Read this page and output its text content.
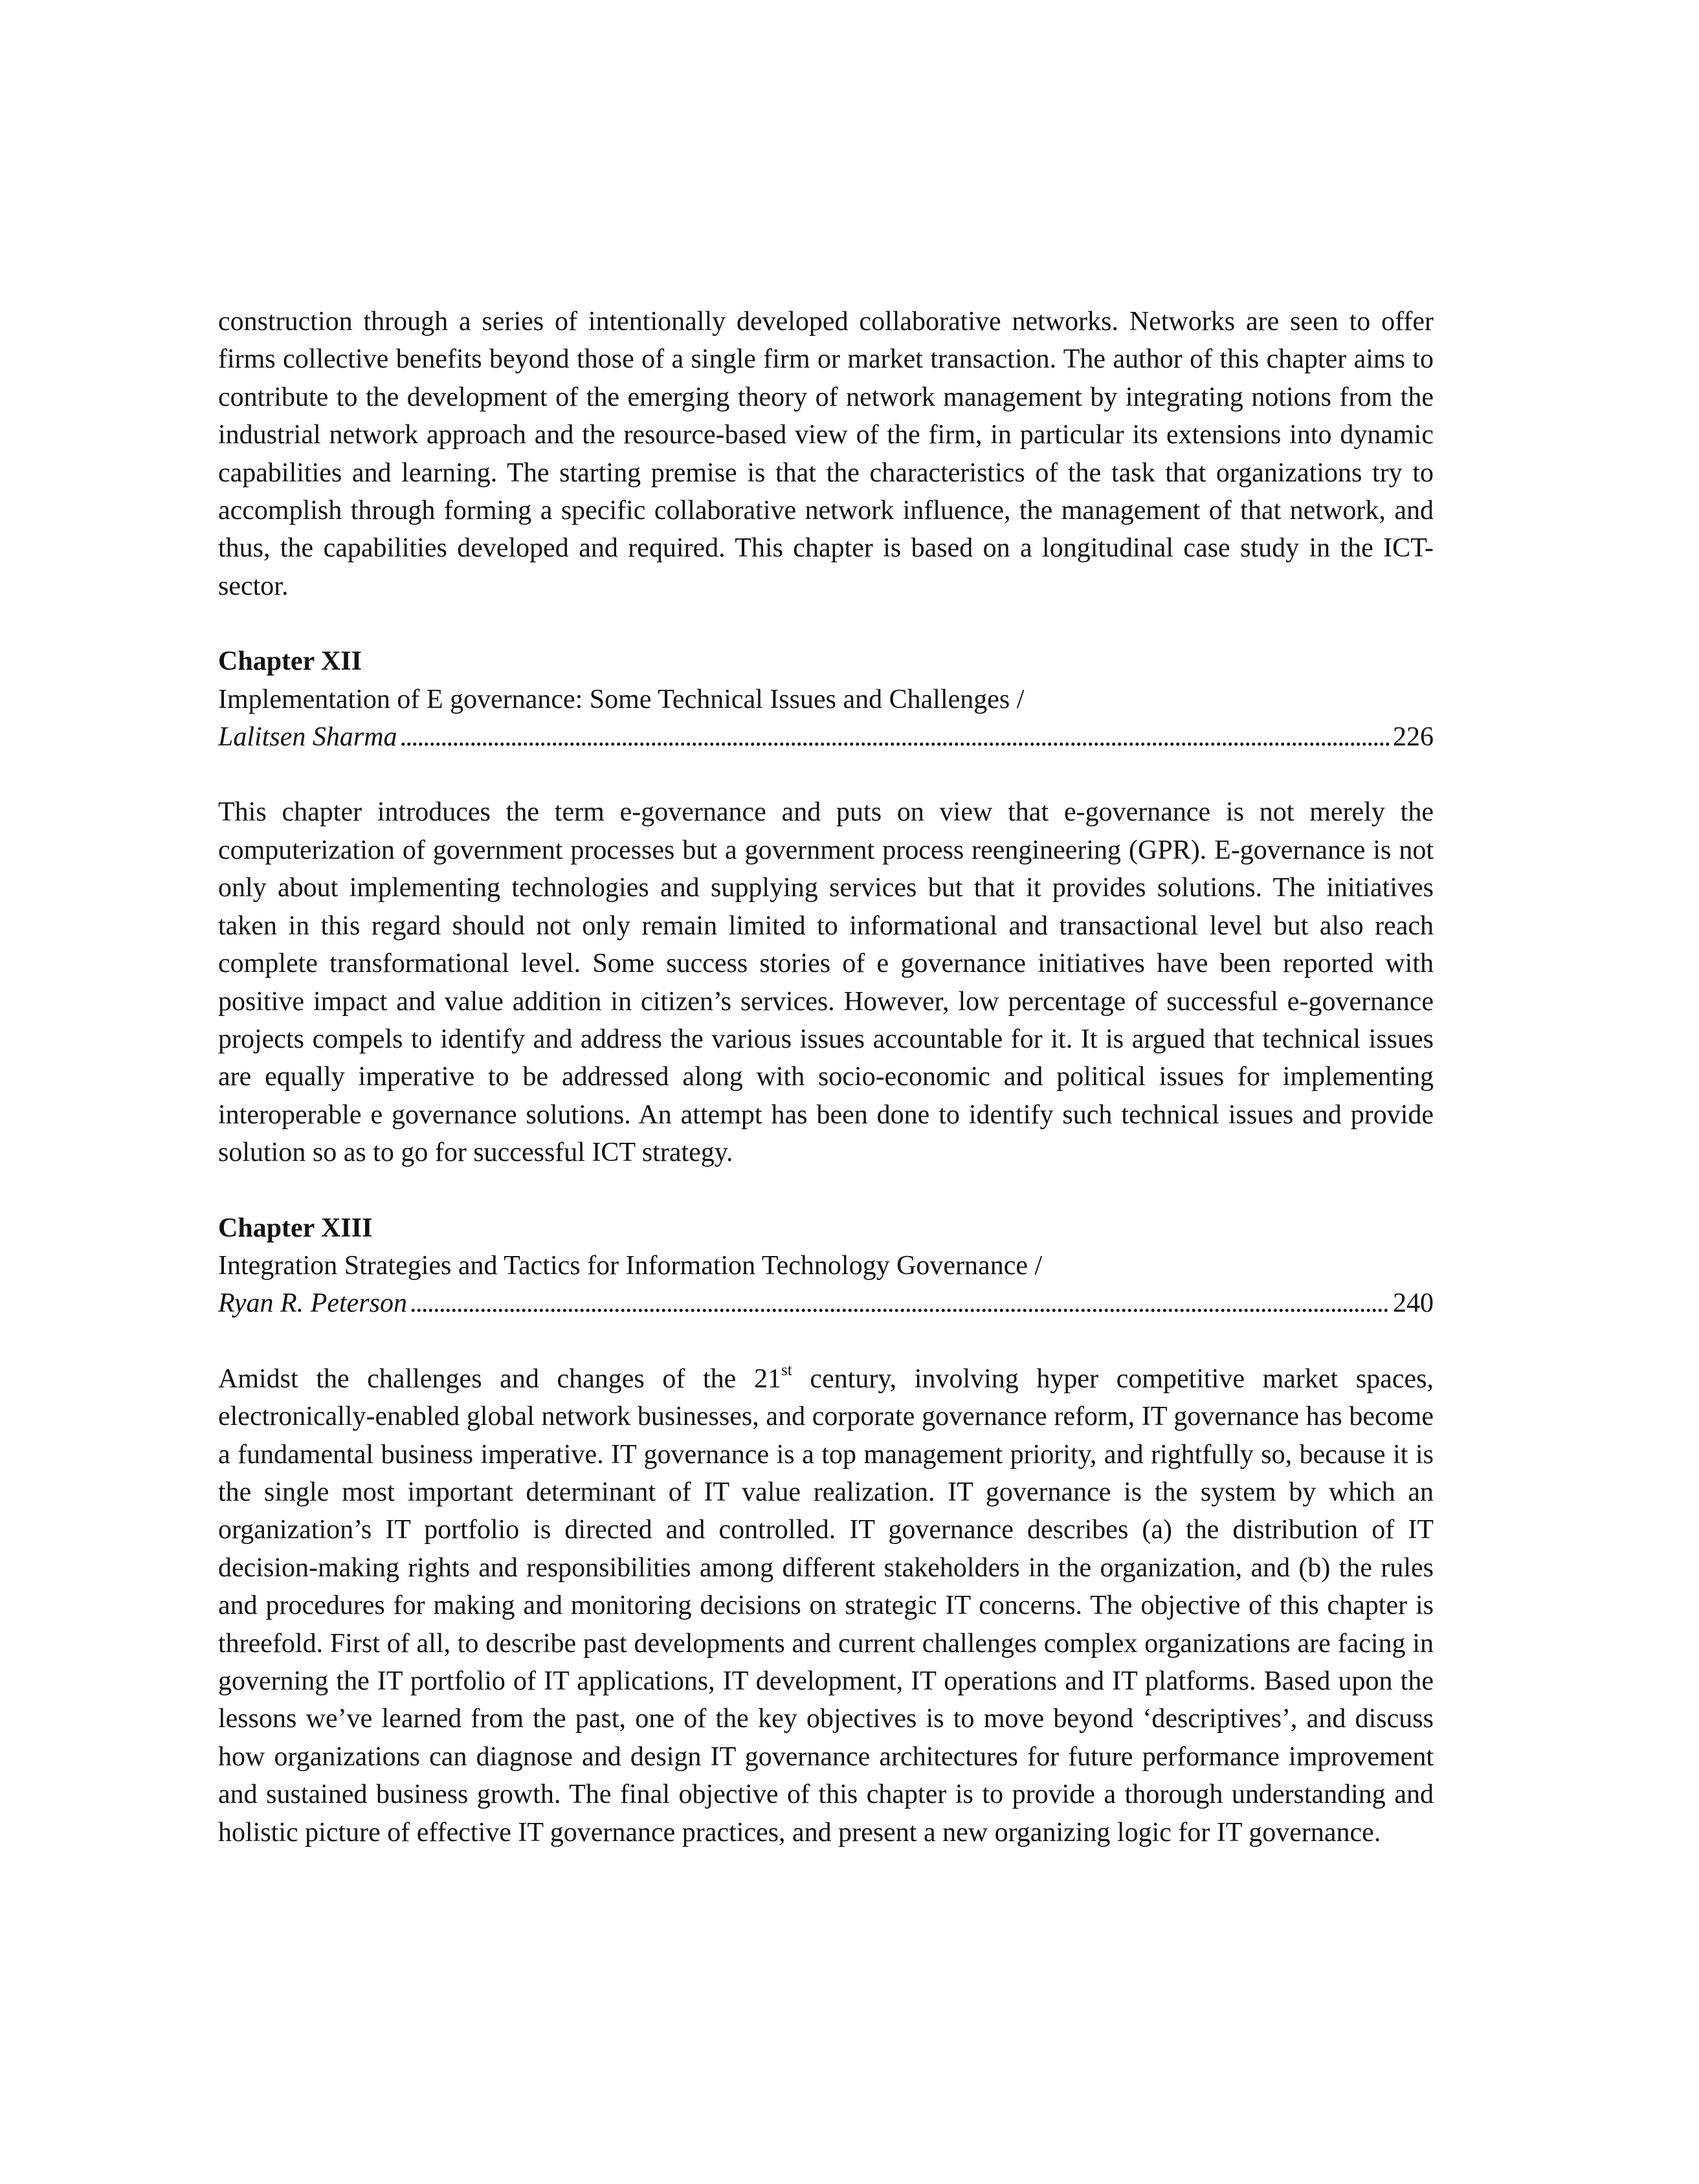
construction through a series of intentionally developed collaborative networks. Networks are seen to offer firms collective benefits beyond those of a single firm or market transaction. The author of this chapter aims to contribute to the development of the emerging theory of network management by integrating notions from the industrial network approach and the resource-based view of the firm, in particular its extensions into dynamic capabilities and learning. The starting premise is that the characteristics of the task that organizations try to accomplish through forming a specific collaborative network influence, the management of that network, and thus, the capabilities developed and required. This chapter is based on a longitudinal case study in the ICT-sector.

Chapter XII

Implementation of E governance: Some Technical Issues and Challenges /

Lalitsen Sharma . . .	226

This chapter introduces the term e-governance and puts on view that e-governance is not merely the computerization of government processes but a government process reengineering (GPR). E-governance is not only about implementing technologies and supplying services but that it provides solutions. The initiatives taken in this regard should not only remain limited to informational and transactional level but also reach complete transformational level. Some success stories of e governance initiatives have been reported with positive impact and value addition in citizen’s services. However, low percentage of successful e-governance projects compels to identify and address the various issues accountable for it. It is argued that technical issues are equally imperative to be addressed along with socio-economic and political issues for implementing interoperable e governance solutions. An attempt has been done to identify such technical issues and provide solution so as to go for successful ICT strategy.

Chapter XIII

Integration Strategies and Tactics for Information Technology Governance /

Ryan R. Peterson . . .	240

Amidst the challenges and changes of the 21st century, involving hyper competitive market spaces, electronically-enabled global network businesses, and corporate governance reform, IT governance has become a fundamental business imperative. IT governance is a top management priority, and rightfully so, because it is the single most important determinant of IT value realization. IT governance is the system by which an organization’s IT portfolio is directed and controlled. IT governance describes (a) the distribution of IT decision-making rights and responsibilities among different stakeholders in the organization, and (b) the rules and procedures for making and monitoring decisions on strategic IT concerns. The objective of this chapter is threefold. First of all, to describe past developments and current challenges complex organizations are facing in governing the IT portfolio of IT applications, IT development, IT operations and IT platforms. Based upon the lessons we’ve learned from the past, one of the key objectives is to move beyond ‘descriptives’, and discuss how organizations can diagnose and design IT governance architectures for future performance improvement and sustained business growth. The final objective of this chapter is to provide a thorough understanding and holistic picture of effective IT governance practices, and present a new organizing logic for IT governance.
